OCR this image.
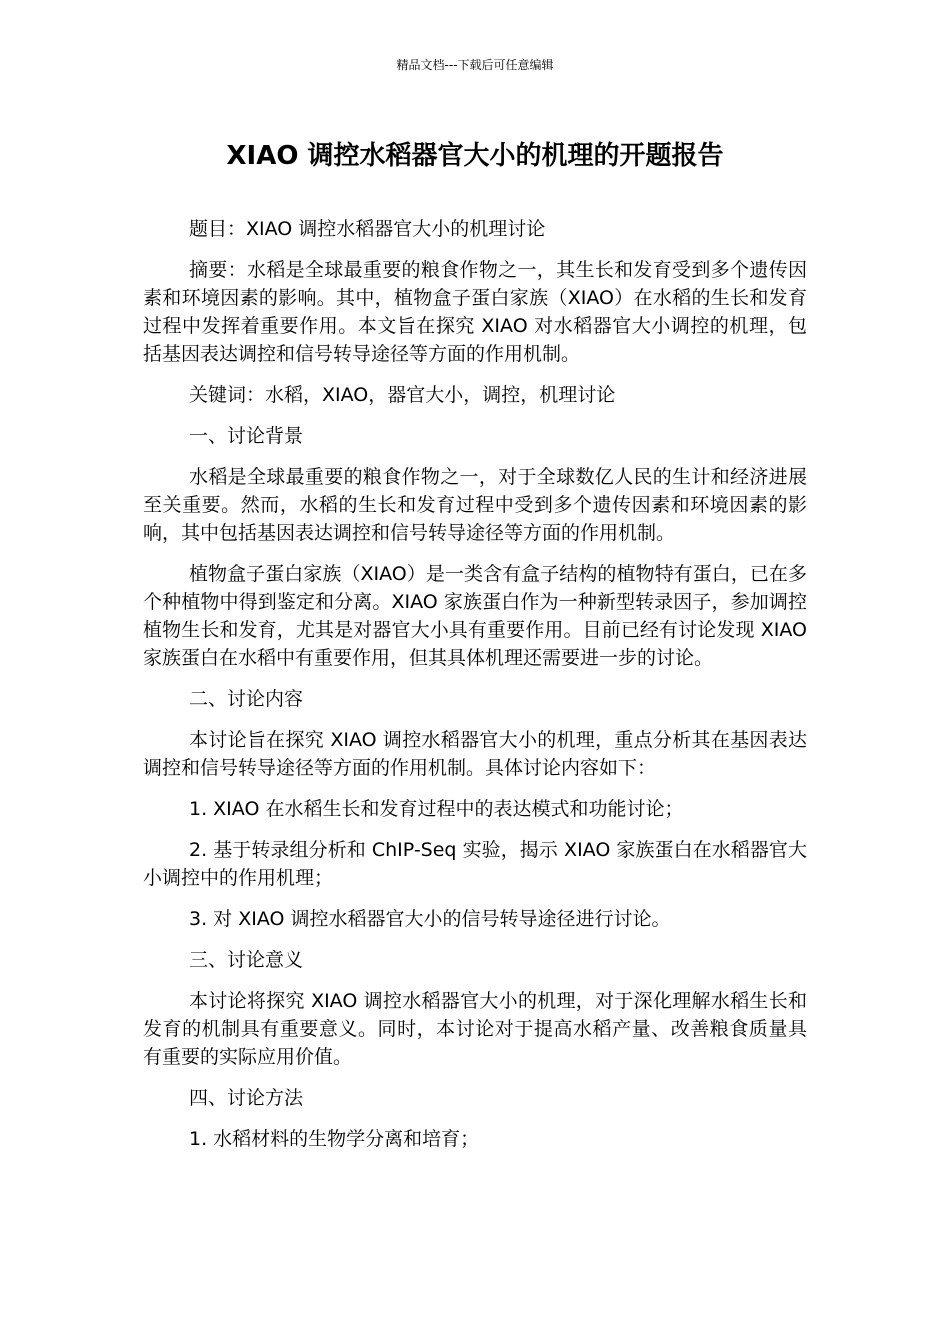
精品文档---下载后可任意编辑
XIAO 调控水稻器官大小的机理的开题报告

题目：XIAO 调控水稻器官大小的机理讨论

摘要：水稻是全球最重要的粮食作物之一，其生长和发育受到多个遗传因素和环境因素的影响。其中，植物盒子蛋白家族（XIAO）在水稻的生长和发育过程中发挥着重要作用。本文旨在探究 XIAO 对水稻器官大小调控的机理，包括基因表达调控和信号转导途径等方面的作用机制。

关键词：水稻，XIAO，器官大小，调控，机理讨论

一、讨论背景

水稻是全球最重要的粮食作物之一，对于全球数亿人民的生计和经济进展至关重要。然而，水稻的生长和发育过程中受到多个遗传因素和环境因素的影响，其中包括基因表达调控和信号转导途径等方面的作用机制。

植物盒子蛋白家族（XIAO）是一类含有盒子结构的植物特有蛋白，已在多个种植物中得到鉴定和分离。XIAO 家族蛋白作为一种新型转录因子，参加调控植物生长和发育，尤其是对器官大小具有重要作用。目前已经有讨论发现 XIAO 家族蛋白在水稻中有重要作用，但其具体机理还需要进一步的讨论。

二、讨论内容

本讨论旨在探究 XIAO 调控水稻器官大小的机理，重点分析其在基因表达调控和信号转导途径等方面的作用机制。具体讨论内容如下：

1. XIAO 在水稻生长和发育过程中的表达模式和功能讨论；

2. 基于转录组分析和 ChIP-Seq 实验，揭示 XIAO 家族蛋白在水稻器官大小调控中的作用机理；

3. 对 XIAO 调控水稻器官大小的信号转导途径进行讨论。

三、讨论意义

本讨论将探究 XIAO 调控水稻器官大小的机理，对于深化理解水稻生长和发育的机制具有重要意义。同时，本讨论对于提高水稻产量、改善粮食质量具有重要的实际应用价值。

四、讨论方法

1. 水稻材料的生物学分离和培育；
